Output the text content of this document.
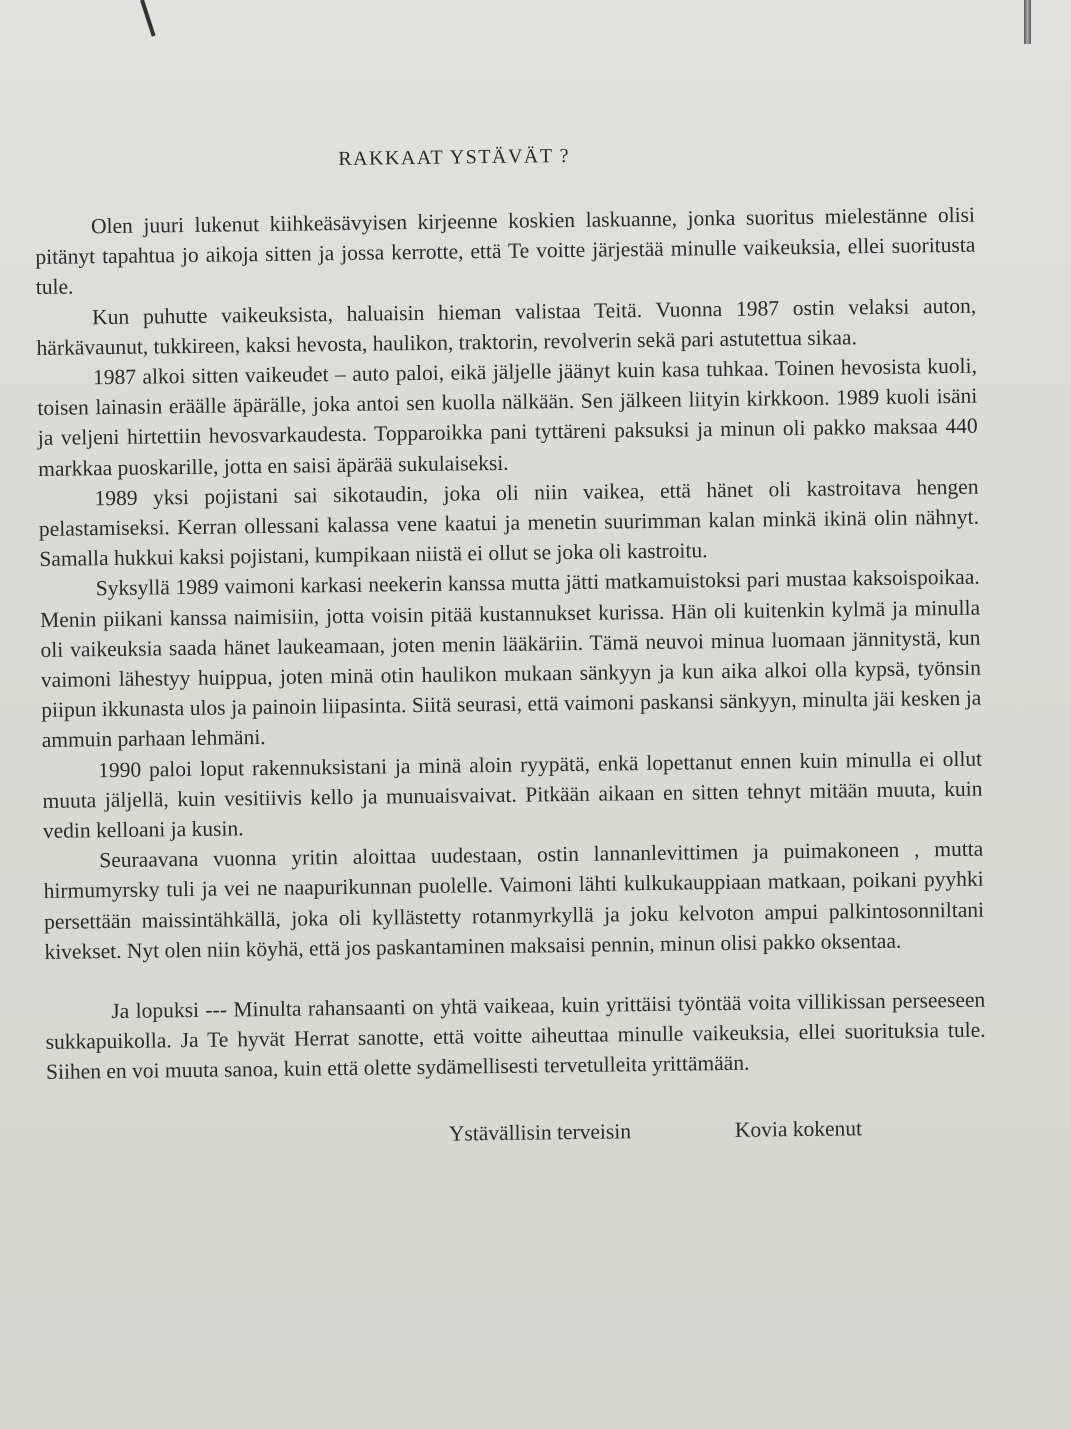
RAKKAAT YSTÄVÄT ?

Olen juuri lukenut kiihkeäsävyisen kirjeenne koskien laskuanne, jonka suoritus mielestänne olisi pitänyt tapahtua jo aikoja sitten ja jossa kerrotte, että Te voitte järjestää minulle vaikeuksia, ellei suoritusta tule.

Kun puhutte vaikeuksista, haluaisin hieman valistaa Teitä. Vuonna 1987 ostin velaksi auton, härkävaunut, tukkireen, kaksi hevosta, haulikon, traktorin, revolverin sekä pari astutettua sikaa.

1987 alkoi sitten vaikeudet – auto paloi, eikä jäljelle jäänyt kuin kasa tuhkaa. Toinen hevosista kuoli, toisen lainasin eräälle äpärälle, joka antoi sen kuolla nälkään. Sen jälkeen liityin kirkkoon. 1989 kuoli isäni ja veljeni hirtettiin hevosvarkaudesta. Topparoikka pani tyttäreni paksuksi ja minun oli pakko maksaa 440 markkaa puoskarille, jotta en saisi äpärää sukulaiseksi.

1989 yksi pojistani sai sikotaudin, joka oli niin vaikea, että hänet oli kastroitava hengen pelastamiseksi. Kerran ollessani kalassa vene kaatui ja menetin suurimman kalan minkä ikinä olin nähnyt. Samalla hukkui kaksi pojistani, kumpikaan niistä ei ollut se joka oli kastroitu.

Syksyllä 1989 vaimoni karkasi neekerin kanssa mutta jätti matkamuistoksi pari mustaa kaksoispoikaa. Menin piikani kanssa naimisiin, jotta voisin pitää kustannukset kurissa. Hän oli kuitenkin kylmä ja minulla oli vaikeuksia saada hänet laukeamaan, joten menin lääkäriin. Tämä neuvoi minua luomaan jännitystä, kun vaimoni lähestyy huippua, joten minä otin haulikon mukaan sänkyyn ja kun aika alkoi olla kypsä, työnsin piipun ikkunasta ulos ja painoin liipasinta. Siitä seurasi, että vaimoni paskansi sänkyyn, minulta jäi kesken ja ammuin parhaan lehmäni.

1990 paloi loput rakennuksistani ja minä aloin ryypätä, enkä lopettanut ennen kuin minulla ei ollut muuta jäljellä, kuin vesitiivis kello ja munuaisvaivat. Pitkään aikaan en sitten tehnyt mitään muuta, kuin vedin kelloani ja kusin.

Seuraavana vuonna yritin aloittaa uudestaan, ostin lannanlevittimen ja puimakoneen , mutta hirmumyrsky tuli ja vei ne naapurikunnan puolelle. Vaimoni lähti kulkukauppiaan matkaan, poikani pyyhki persettään maissintähkällä, joka oli kyllästetty rotanmyrkyllä ja joku kelvoton ampui palkintosonniltani kivekset. Nyt olen niin köyhä, että jos paskantaminen maksaisi pennin, minun olisi pakko oksentaa.

Ja lopuksi --- Minulta rahansaanti on yhtä vaikeaa, kuin yrittäisi työntää voita villikissan perseeseen sukkapuikolla. Ja Te hyvät Herrat sanotte, että voitte aiheuttaa minulle vaikeuksia, ellei suorituksia tule. Siihen en voi muuta sanoa, kuin että olette sydämellisesti tervetulleita yrittämään.

Ystävällisin terveisin	Kovia kokenut
